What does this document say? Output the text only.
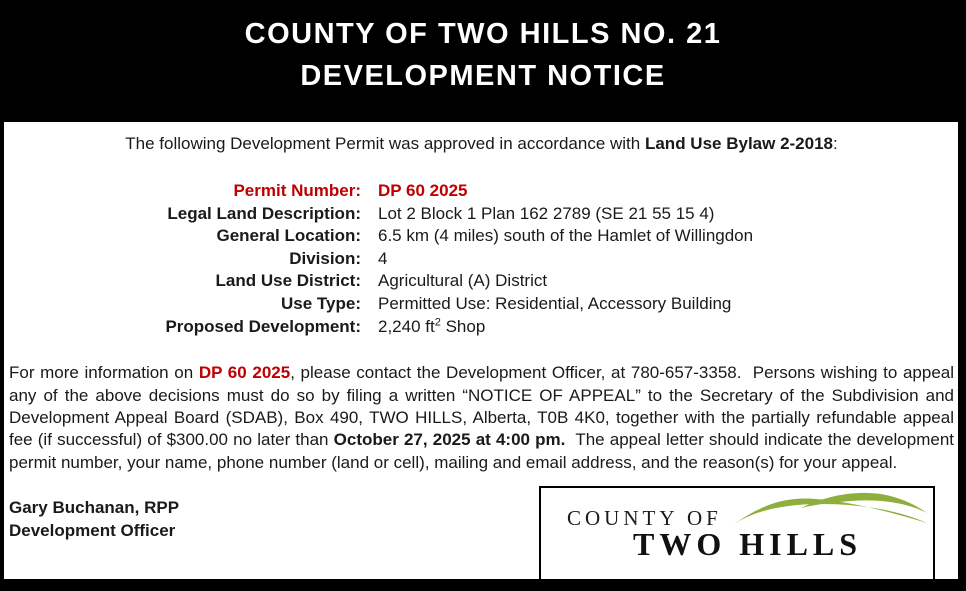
COUNTY OF TWO HILLS NO. 21
DEVELOPMENT NOTICE
The following Development Permit was approved in accordance with Land Use Bylaw 2-2018:
Permit Number: DP 60 2025
Legal Land Description: Lot 2 Block 1 Plan 162 2789 (SE 21 55 15 4)
General Location: 6.5 km (4 miles) south of the Hamlet of Willingdon
Division: 4
Land Use District: Agricultural (A) District
Use Type: Permitted Use: Residential, Accessory Building
Proposed Development: 2,240 $ft^2$ Shop
For more information on DP 60 2025, please contact the Development Officer, at 780-657-3358.  Persons wishing to appeal any of the above decisions must do so by filing a written “NOTICE OF APPEAL” to the Secretary of the Subdivision and Development Appeal Board (SDAB), Box 490, TWO HILLS, Alberta, T0B 4K0, together with the partially refundable appeal fee (if successful) of $300.00 no later than October 27, 2025 at 4:00 pm.  The appeal letter should indicate the development permit number, your name, phone number (land or cell), mailing and email address, and the reason(s) for your appeal.
Gary Buchanan, RPP
Development Officer
COUNTY OF
TWO HILLS
